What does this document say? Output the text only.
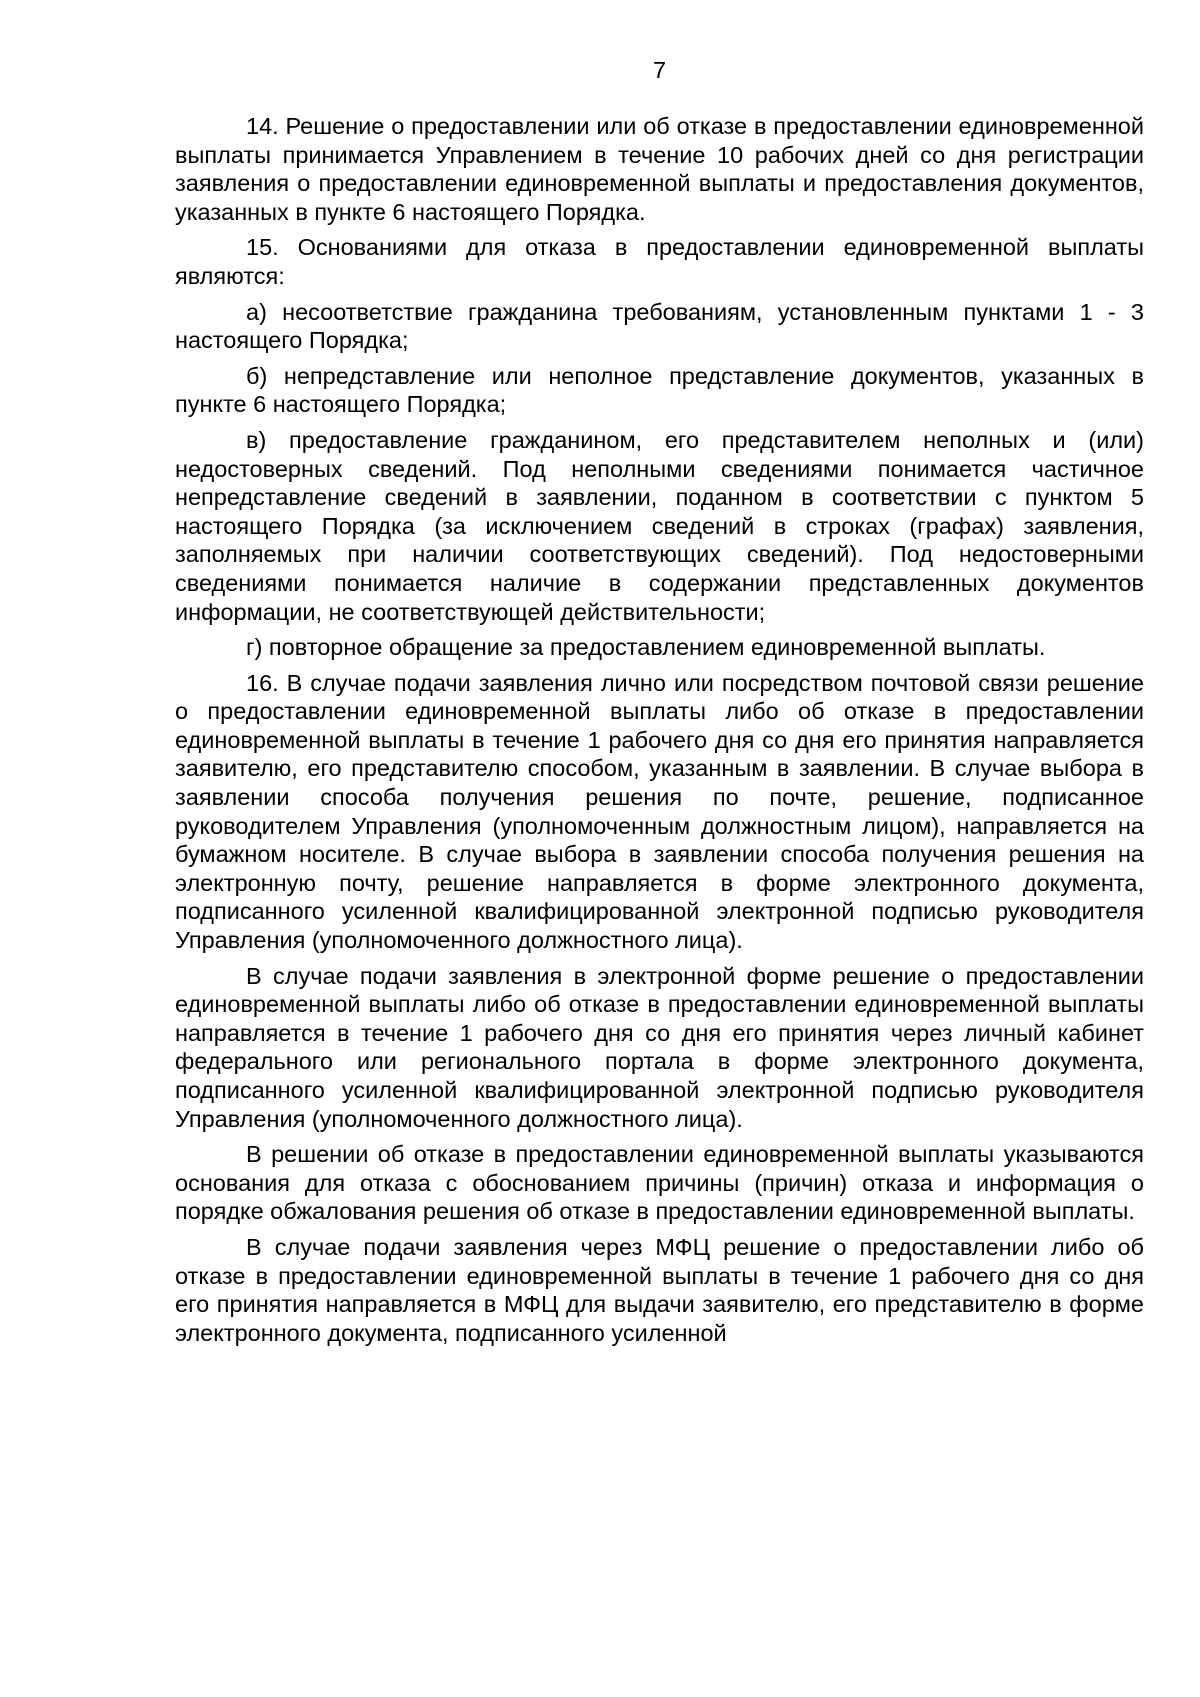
7

14. Решение о предоставлении или об отказе в предоставлении единовременной выплаты принимается Управлением в течение 10 рабочих дней со дня регистрации заявления о предоставлении единовременной выплаты и предоставления документов, указанных в пункте 6 настоящего Порядка.

15. Основаниями для отказа в предоставлении единовременной выплаты являются:

а) несоответствие гражданина требованиям, установленным пунктами 1 - 3 настоящего Порядка;

б) непредставление или неполное представление документов, указанных в пункте 6 настоящего Порядка;

в) предоставление гражданином, его представителем неполных и (или) недостоверных сведений. Под неполными сведениями понимается частичное непредставление сведений в заявлении, поданном в соответствии с пунктом 5 настоящего Порядка (за исключением сведений в строках (графах) заявления, заполняемых при наличии соответствующих сведений). Под недостоверными сведениями понимается наличие в содержании представленных документов информации, не соответствующей действительности;

г) повторное обращение за предоставлением единовременной выплаты.

16. В случае подачи заявления лично или посредством почтовой связи решение о предоставлении единовременной выплаты либо об отказе в предоставлении единовременной выплаты в течение 1 рабочего дня со дня его принятия направляется заявителю, его представителю способом, указанным в заявлении. В случае выбора в заявлении способа получения решения по почте, решение, подписанное руководителем Управления (уполномоченным должностным лицом), направляется на бумажном носителе. В случае выбора в заявлении способа получения решения на электронную почту, решение направляется в форме электронного документа, подписанного усиленной квалифицированной электронной подписью руководителя Управления (уполномоченного должностного лица).

В случае подачи заявления в электронной форме решение о предоставлении единовременной выплаты либо об отказе в предоставлении единовременной выплаты направляется в течение 1 рабочего дня со дня его принятия через личный кабинет федерального или регионального портала в форме электронного документа, подписанного усиленной квалифицированной электронной подписью руководителя Управления (уполномоченного должностного лица).

В решении об отказе в предоставлении единовременной выплаты указываются основания для отказа с обоснованием причины (причин) отказа и информация о порядке обжалования решения об отказе в предоставлении единовременной выплаты.

В случае подачи заявления через МФЦ решение о предоставлении либо об отказе в предоставлении единовременной выплаты в течение 1 рабочего дня со дня его принятия направляется в МФЦ для выдачи заявителю, его представителю в форме электронного документа, подписанного усиленной
